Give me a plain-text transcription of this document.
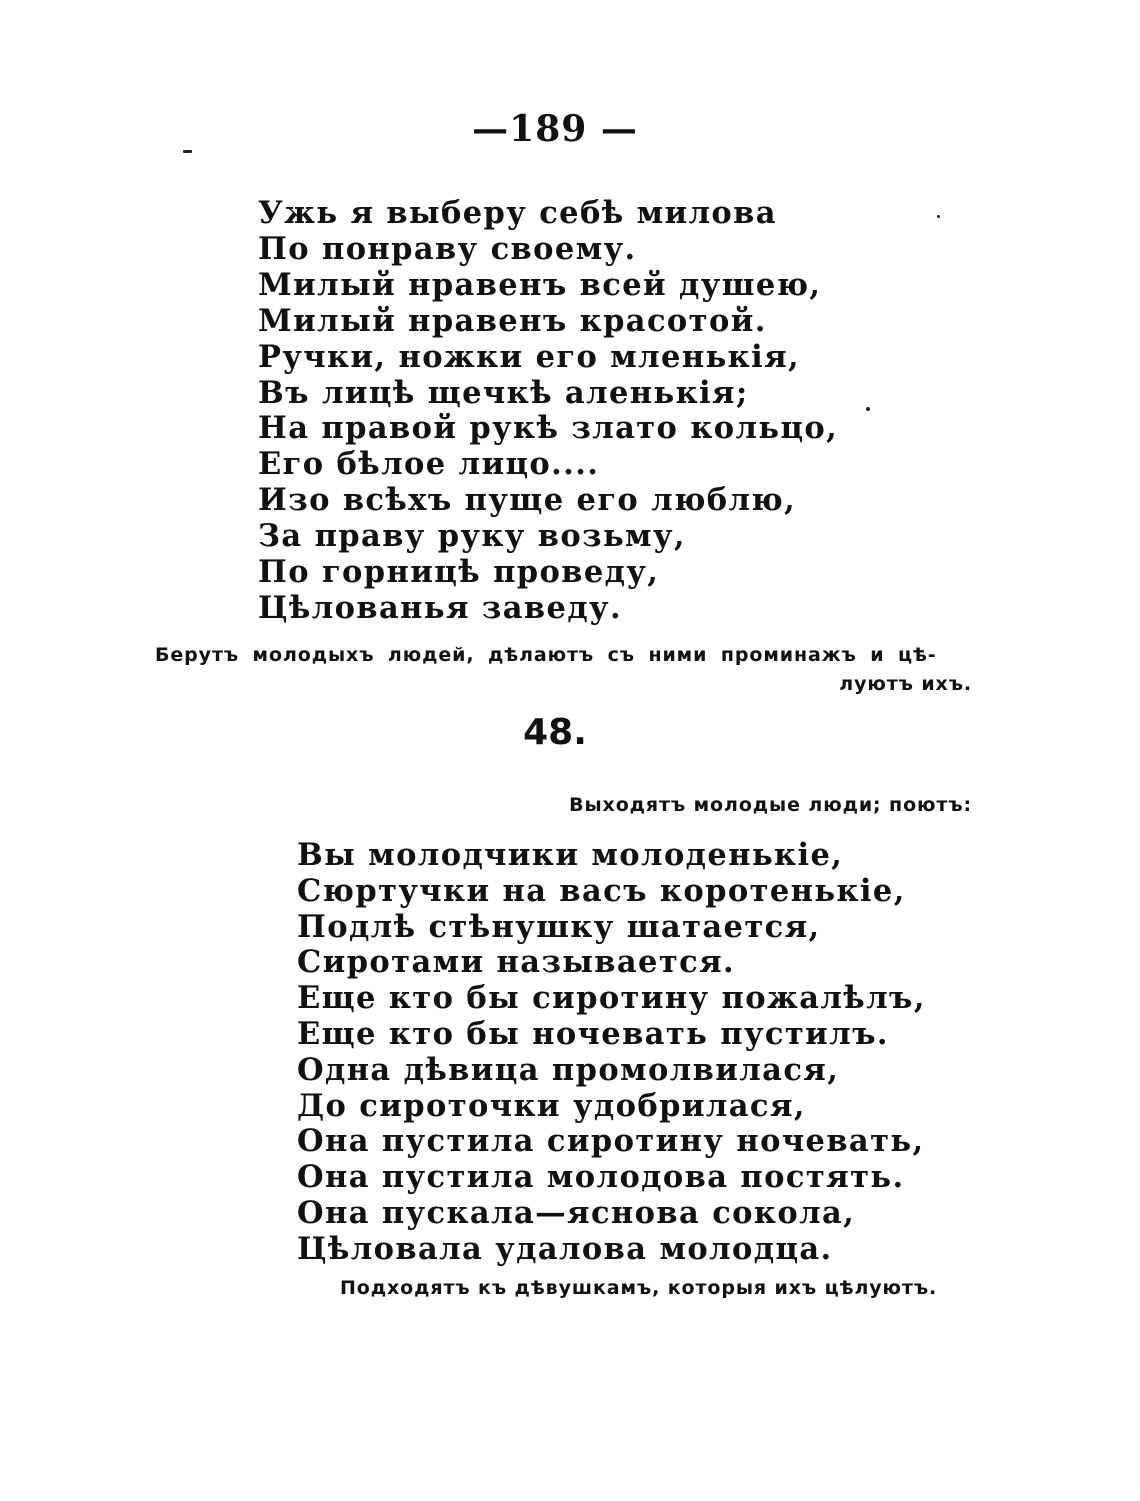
—189 —
Ужь я выберу себѣ милова
По понраву своему.
Милый нравенъ всей душею,
Милый нравенъ красотой.
Ручки, ножки его мленькія,
Въ лицѣ щечкѣ аленькія;
На правой рукѣ злато кольцо,
Его бѣлое лицо....
Изо всѣхъ пуще его люблю,
За праву руку возьму,
По горницѣ проведу,
Цѣлованья заведу.
Берутъ молодыхъ людей, дѣлаютъ съ ними проминажъ и цѣ-
луютъ ихъ.
48.
Выходятъ молодые люди; поютъ:
Вы молодчики молоденькіе,
Сюртучки на васъ коротенькіе,
Подлѣ стѣнушку шатается,
Сиротами называется.
Еще кто бы сиротину пожалѣлъ,
Еще кто бы ночевать пустилъ.
Одна дѣвица промолвилася,
До сироточки удобрилася,
Она пустила сиротину ночевать,
Она пустила молодова постять.
Она пускала—яснова сокола,
Цѣловала удалова молодца.
Подходятъ къ дѣвушкамъ, которыя ихъ цѣлуютъ.
